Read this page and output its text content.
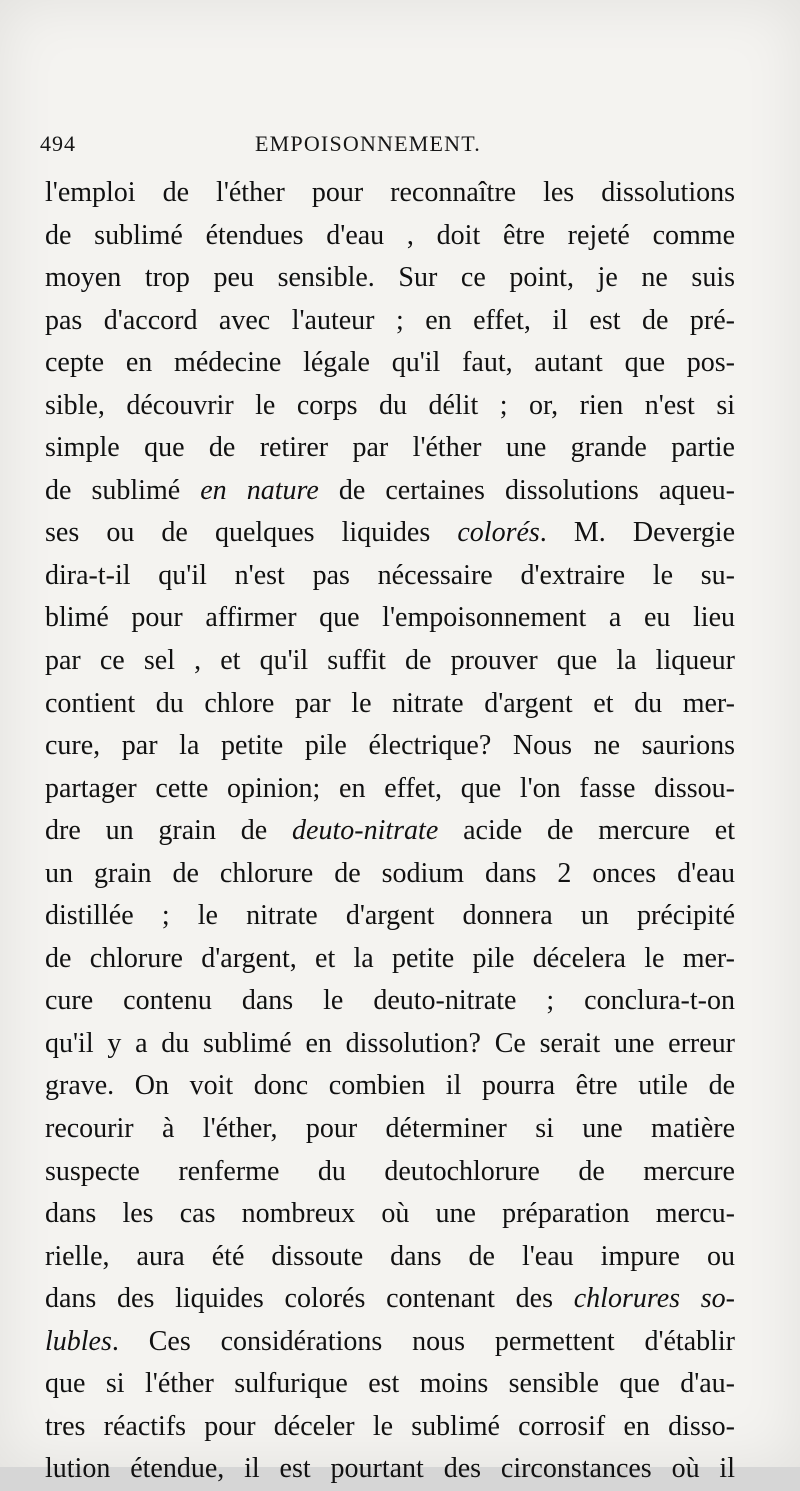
494	EMPOISONNEMENT.
l'emploi de l'éther pour reconnaître les dissolutions
de sublimé étendues d'eau , doit être rejeté comme
moyen trop peu sensible. Sur ce point, je ne suis
pas d'accord avec l'auteur ; en effet, il est de pré-
cepte en médecine légale qu'il faut, autant que pos-
sible, découvrir le corps du délit ; or, rien n'est si
simple que de retirer par l'éther une grande partie
de sublimé en nature de certaines dissolutions aqueu-
ses ou de quelques liquides colorés. M. Devergie
dira-t-il qu'il n'est pas nécessaire d'extraire le su-
blimé pour affirmer que l'empoisonnement a eu lieu
par ce sel , et qu'il suffit de prouver que la liqueur
contient du chlore par le nitrate d'argent et du mer-
cure, par la petite pile électrique? Nous ne saurions
partager cette opinion; en effet, que l'on fasse dissou-
dre un grain de deuto-nitrate acide de mercure et
un grain de chlorure de sodium dans 2 onces d'eau
distillée ; le nitrate d'argent donnera un précipité
de chlorure d'argent, et la petite pile décelera le mer-
cure contenu dans le deuto-nitrate ; conclura-t-on
qu'il y a du sublimé en dissolution? Ce serait une erreur
grave. On voit donc combien il pourra être utile de
recourir à l'éther, pour déterminer si une matière
suspecte renferme du deutochlorure de mercure
dans les cas nombreux où une préparation mercu-
rielle, aura été dissoute dans de l'eau impure ou
dans des liquides colorés contenant des chlorures so-
lubles. Ces considérations nous permettent d'établir
que si l'éther sulfurique est moins sensible que d'au-
tres réactifs pour déceler le sublimé corrosif en disso-
lution étendue, il est pourtant des circonstances où il
